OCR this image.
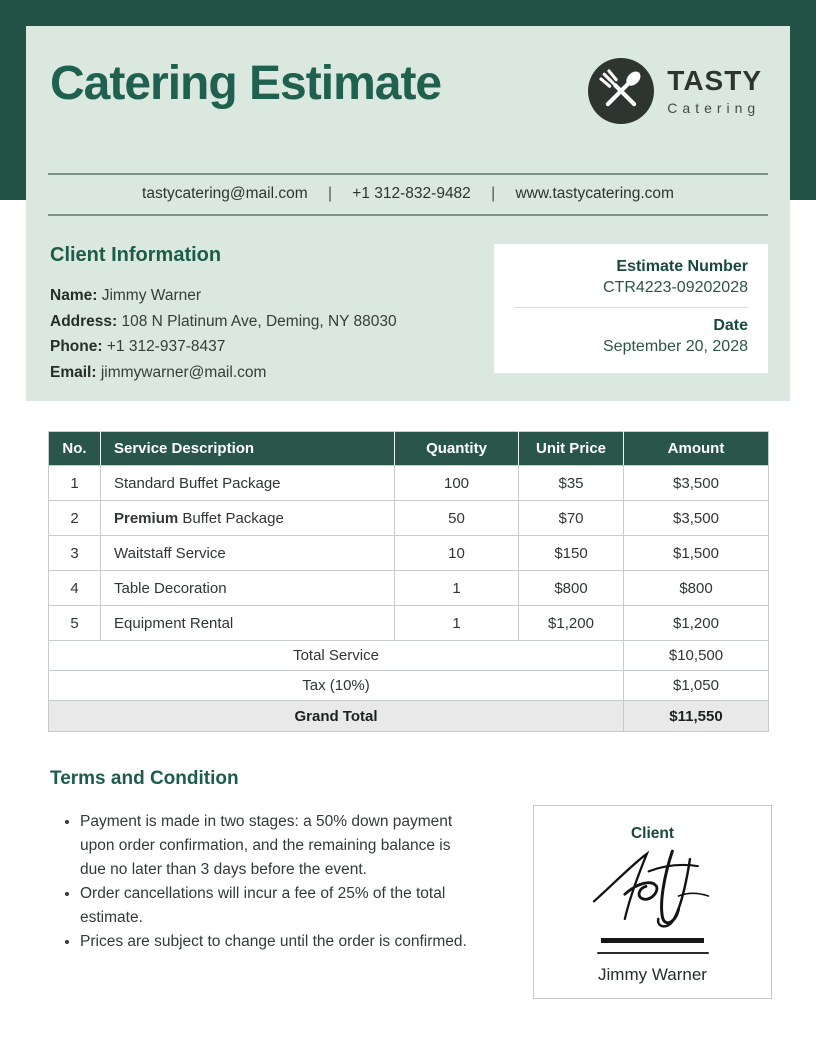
Catering Estimate	TASTY
Catering
tastycatering@mail.com | +1 312-832-9482 | www.tastycatering.com
Client Information
Name: Jimmy Warner
Address: 108 N Platinum Ave, Deming, NY 88030
Phone: +1 312-937-8437
Email: jimmywarner@mail.com
Estimate Number
CTR4223-09202028
Date
September 20, 2028
No.	Service Description	Quantity	Unit Price	Amount
1	Standard Buffet Package	100	$35	$3,500
2	Premium Buffet Package	50	$70	$3,500
3	Waitstaff Service	10	$150	$1,500
4	Table Decoration	1	$800	$800
5	Equipment Rental	1	$1,200	$1,200
Total Service				$10,500
Tax (10%)				$1,050
Grand Total				$11,550
Terms and Condition
• Payment is made in two stages: a 50% down payment upon order confirmation, and the remaining balance is due no later than 3 days before the event.
• Order cancellations will incur a fee of 25% of the total estimate.
• Prices are subject to change until the order is confirmed.
Client
Jimmy Warner
